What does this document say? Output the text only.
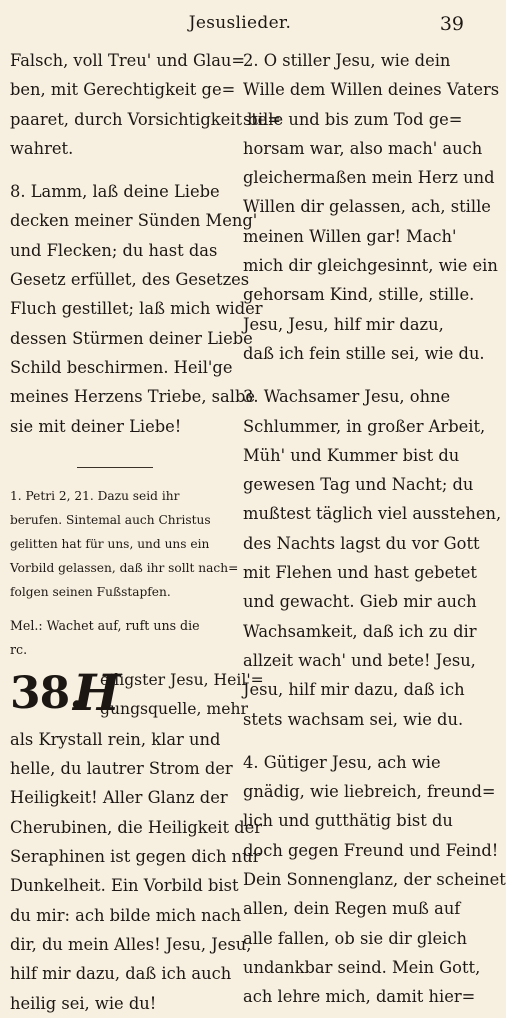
Jesuslieder.	39
Falsch, voll Treu' und Glau=
ben, mit Gerechtigkeit ge=
paaret, durch Vorsichtigkeit be=
wahret.
8. Lamm, laß deine Liebe
decken meiner Sünden Meng'
und Flecken; du hast das
Gesetz erfüllet, des Gesetzes
Fluch gestillet; laß mich wider
dessen Stürmen deiner Liebe
Schild beschirmen. Heil'ge
meines Herzens Triebe, salbe
sie mit deiner Liebe!
1. Petri 2, 21. Dazu seid ihr
berufen. Sintemal auch Christus
gelitten hat für uns, und uns ein
Vorbild gelassen, daß ihr sollt nach=
folgen seinen Fußstapfen.
Mel.: Wachet auf, ruft uns die rc.
38.
H
eiligster Jesu, Heil'=
gungsquelle, mehr
als Krystall rein, klar und
helle, du lautrer Strom der
Heiligkeit! Aller Glanz der
Cherubinen, die Heiligkeit der
Seraphinen ist gegen dich nur
Dunkelheit. Ein Vorbild bist
du mir: ach bilde mich nach
dir, du mein Alles! Jesu, Jesu,
hilf mir dazu, daß ich auch
heilig sei, wie du!
2. O stiller Jesu, wie dein
Wille dem Willen deines Vaters
stille und bis zum Tod ge=
horsam war, also mach' auch
gleichermaßen mein Herz und
Willen dir gelassen, ach, stille
meinen Willen gar! Mach'
mich dir gleichgesinnt, wie ein
gehorsam Kind, stille, stille.
Jesu, Jesu, hilf mir dazu,
daß ich fein stille sei, wie du.
3. Wachsamer Jesu, ohne
Schlummer, in großer Arbeit,
Müh' und Kummer bist du
gewesen Tag und Nacht; du
mußtest täglich viel ausstehen,
des Nachts lagst du vor Gott
mit Flehen und hast gebetet
und gewacht. Gieb mir auch
Wachsamkeit, daß ich zu dir
allzeit wach' und bete! Jesu,
Jesu, hilf mir dazu, daß ich
stets wachsam sei, wie du.
4. Gütiger Jesu, ach wie
gnädig, wie liebreich, freund=
lich und gutthätig bist du
doch gegen Freund und Feind!
Dein Sonnenglanz, der scheinet
allen, dein Regen muß auf
alle fallen, ob sie dir gleich
undankbar seind. Mein Gott,
ach lehre mich, damit hier=
